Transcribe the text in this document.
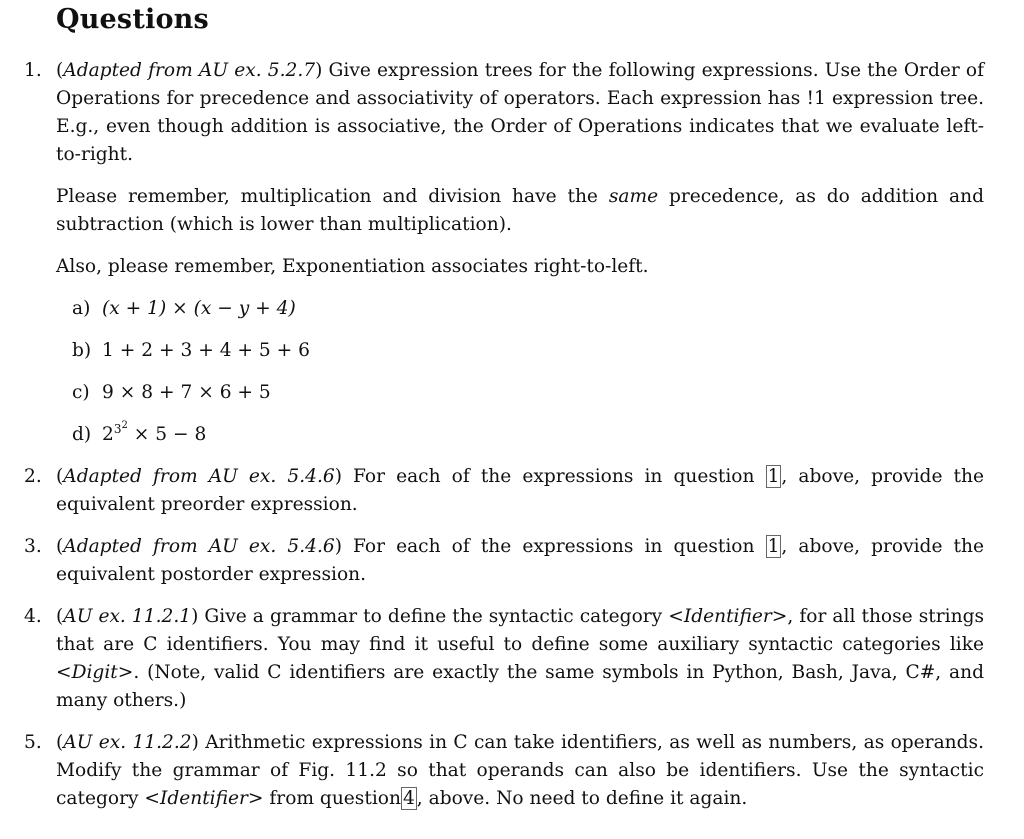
Questions
1. (Adapted from AU ex. 5.2.7) Give expression trees for the following expressions. Use the Order of Operations for precedence and associativity of operators. Each expression has !1 expression tree. E.g., even though addition is associative, the Order of Operations indicates that we evaluate left-to-right.

Please remember, multiplication and division have the same precedence, as do addition and subtraction (which is lower than multiplication).

Also, please remember, Exponentiation associates right-to-left.

a) (x + 1) × (x − y + 4)
b) 1 + 2 + 3 + 4 + 5 + 6
c) 9 × 8 + 7 × 6 + 5
d) $2^{3^2} \times 5 - 8$
2. (Adapted from AU ex. 5.4.6) For each of the expressions in question 1 , above, provide the equivalent preorder expression.

3. (Adapted from AU ex. 5.4.6) For each of the expressions in question 1 , above, provide the equivalent postorder expression.

4. (AU ex. 11.2.1) Give a grammar to define the syntactic category <Identifier>, for all those strings that are C identifiers. You may find it useful to define some auxiliary syntactic categories like <Digit>. (Note, valid C identifiers are exactly the same symbols in Python, Bash, Java, C#, and many others.)

5. (AU ex. 11.2.2) Arithmetic expressions in C can take identifiers, as well as numbers, as operands. Modify the grammar of Fig. 11.2 so that operands can also be identifiers. Use the syntactic category <Identifier> from question 4 , above. No need to define it again.
